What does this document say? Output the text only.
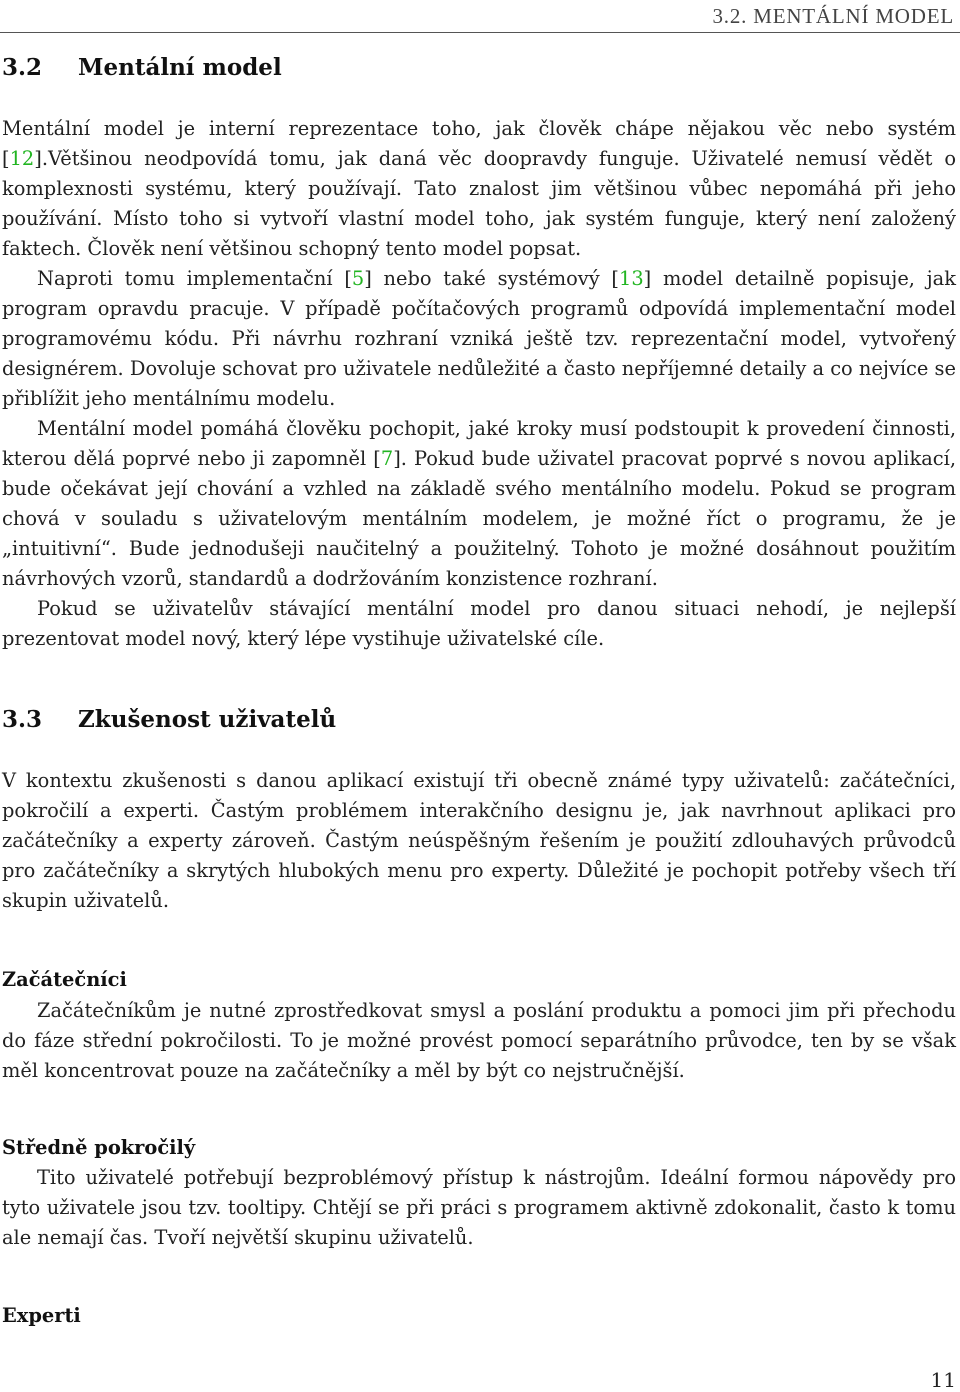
3.2. MENTÁLNÍ MODEL
3.2 Mentální model

Mentální model je interní reprezentace toho, jak člověk chápe nějakou věc nebo systém [12].Většinou neodpovídá tomu, jak daná věc doopravdy funguje. Uživatelé nemusí vědět o komplexnosti systému, který používají. Tato znalost jim většinou vůbec nepomáhá při jeho používání. Místo toho si vytvoří vlastní model toho, jak systém funguje, který není založený faktech. Člověk není většinou schopný tento model popsat.

Naproti tomu implementační [5] nebo také systémový [13] model detailně popisuje, jak program opravdu pracuje. V případě počítačových programů odpovídá implementační model programovému kódu. Při návrhu rozhraní vzniká ještě tzv. reprezentační model, vytvořený designérem. Dovoluje schovat pro uživatele nedůležité a často nepříjemné detaily a co nejvíce se přiblížit jeho mentálnímu modelu.

Mentální model pomáhá člověku pochopit, jaké kroky musí podstoupit k provedení činnosti, kterou dělá poprvé nebo ji zapomněl [7]. Pokud bude uživatel pracovat poprvé s novou aplikací, bude očekávat její chování a vzhled na základě svého mentálního modelu. Pokud se program chová v souladu s uživatelovým mentálním modelem, je možné říct o programu, že je „intuitivní“. Bude jednodušeji naučitelný a použitelný. Tohoto je možné dosáhnout použitím návrhových vzorů, standardů a dodržováním konzistence rozhraní.

Pokud se uživatelův stávající mentální model pro danou situaci nehodí, je nejlepší prezentovat model nový, který lépe vystihuje uživatelské cíle.

3.3 Zkušenost uživatelů

V kontextu zkušenosti s danou aplikací existují tři obecně známé typy uživatelů: začátečníci, pokročilí a experti. Častým problémem interakčního designu je, jak navrhnout aplikaci pro začátečníky a experty zároveň. Častým neúspěšným řešením je použití zdlouhavých průvodců pro začátečníky a skrytých hlubokých menu pro experty. Důležité je pochopit potřeby všech tří skupin uživatelů.

Začátečníci

Začátečníkům je nutné zprostředkovat smysl a poslání produktu a pomoci jim při přechodu do fáze střední pokročilosti. To je možné provést pomocí separátního průvodce, ten by se však měl koncentrovat pouze na začátečníky a měl by být co nejstručnější.

Středně pokročilý

Tito uživatelé potřebují bezproblémový přístup k nástrojům. Ideální formou nápovědy pro tyto uživatele jsou tzv. tooltipy. Chtějí se při práci s programem aktivně zdokonalit, často k tomu ale nemají čas. Tvoří největší skupinu uživatelů.

Experti
11
